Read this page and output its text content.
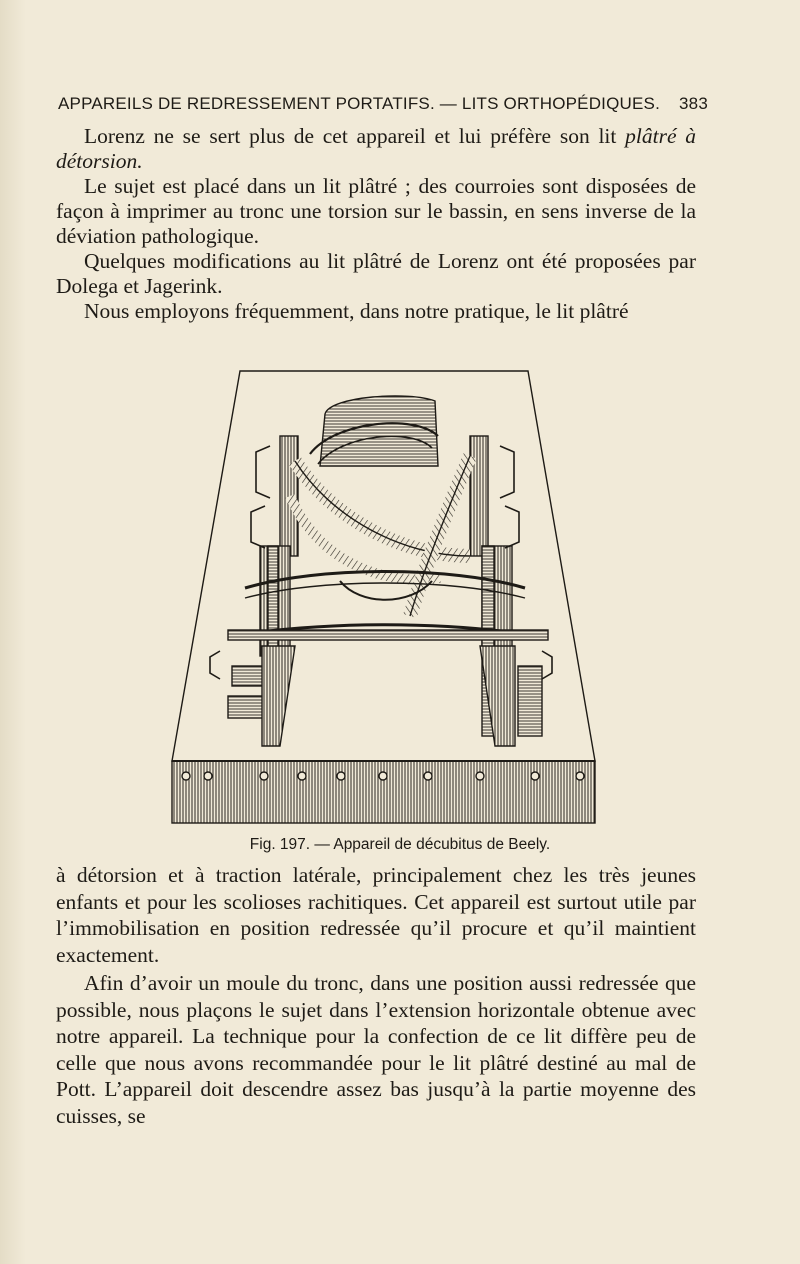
APPAREILS DE REDRESSEMENT PORTATIFS. — LITS ORTHOPÉDIQUES. 383

Lorenz ne se sert plus de cet appareil et lui préfère son lit plâtré à détorsion.

Le sujet est placé dans un lit plâtré ; des courroies sont disposées de façon à imprimer au tronc une torsion sur le bassin, en sens inverse de la déviation pathologique.

Quelques modifications au lit plâtré de Lorenz ont été proposées par Dolega et Jagerink.

Nous employons fréquemment, dans notre pratique, le lit plâtré

Fig. 197. — Appareil de décubitus de Beely.

à détorsion et à traction latérale, principalement chez les très jeunes enfants et pour les scolioses rachitiques. Cet appareil est surtout utile par l’immobilisation en position redressée qu’il procure et qu’il maintient exactement.

Afin d’avoir un moule du tronc, dans une position aussi redressée que possible, nous plaçons le sujet dans l’extension horizontale obtenue avec notre appareil. La technique pour la confection de ce lit diffère peu de celle que nous avons recommandée pour le lit plâtré destiné au mal de Pott. L’appareil doit descendre assez bas jusqu’à la partie moyenne des cuisses, se
